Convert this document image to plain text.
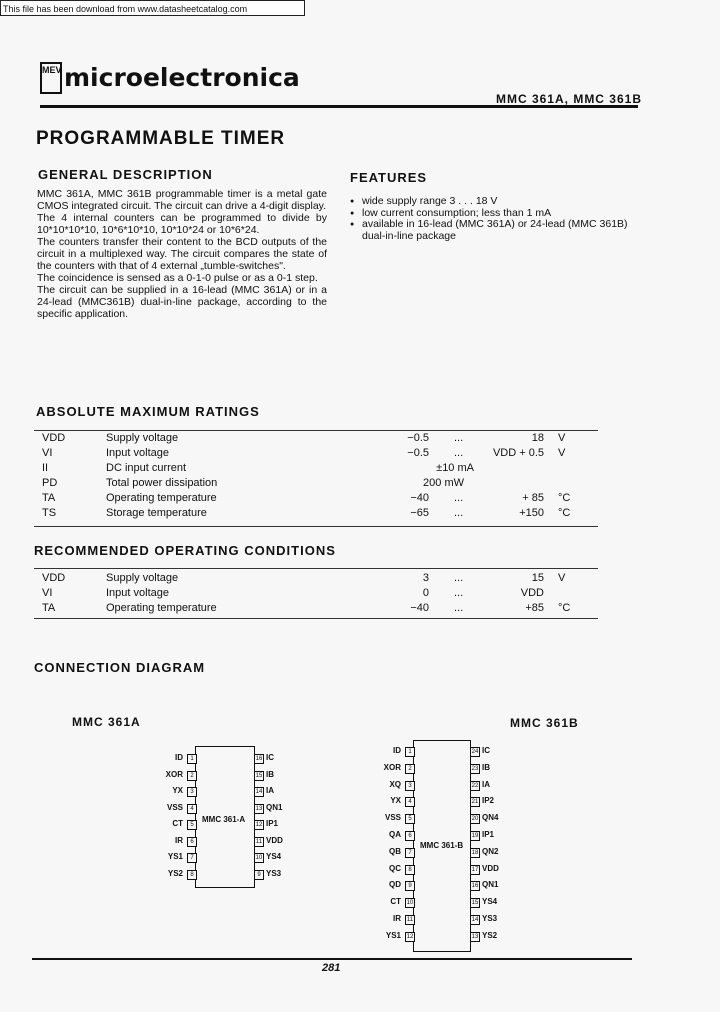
This file has been download from www.datasheetcatalog.com
MEV microelectronica
MMC 361A, MMC 361B
PROGRAMMABLE TIMER
GENERAL DESCRIPTION

MMC 361A, MMC 361B programmable timer is a metal gate CMOS integrated circuit. The circuit can drive a 4-digit display.

The 4 internal counters can be programmed to divide by 10*10*10*10, 10*6*10*10, 10*10*24 or 10*6*24.

The counters transfer their content to the BCD outputs of the circuit in a multiplexed way. The circuit compares the state of the counters with that of 4 external „tumble-switches".

The coincidence is sensed as a 0-1-0 pulse or as a 0-1 step.

The circuit can be supplied in a 16-lead (MMC 361A) or in a 24-lead (MMC361B) dual-in-line package, according to the specific application.

FEATURES
● wide supply range 3 . . . 18 V
● low current consumption; less than 1 mA
● available in 16-lead (MMC 361A) or 24-lead (MMC 361B) dual-in-line package
ABSOLUTE MAXIMUM RATINGS
VDD	Supply voltage	−0.5 ...	18 V
VI	Input voltage	−0.5 ...	VDD + 0.5 V
II	DC input current	±10 mA
PD	Total power dissipation	200 mW
TA	Operating temperature	−40 ...	+ 85 °C
TS	Storage temperature	−65 ...	+150 °C
RECOMMENDED OPERATING CONDITIONS
VDD	Supply voltage	3 ...	15 V
VI	Input voltage	0 ...	VDD
TA	Operating temperature	−40 ...	+85 °C
CONNECTION DIAGRAM
MMC 361A	MMC 361B
MMC 361-A
ID	1
XOR	2
YX	3
VSS	4
CT	5
IR	6
YS1	7
YS2	8
16 IC
15 IB
14 IA
13 QN1
12 IP1
11 VDD
10 YS4
9 YS3
MMC 361-B
ID	1
XOR	2
XQ	3
YX	4
VSS	5
QA	6
QB	7
QC	8
QD	9
CT 10
IR 11
YS1 12
24 IC
23 IB
22 IA
21 IP2
20 QN4
19 IP1
18 QN2
17 VDD
16 QN1
15 YS4
14 YS3
13 YS2
281
